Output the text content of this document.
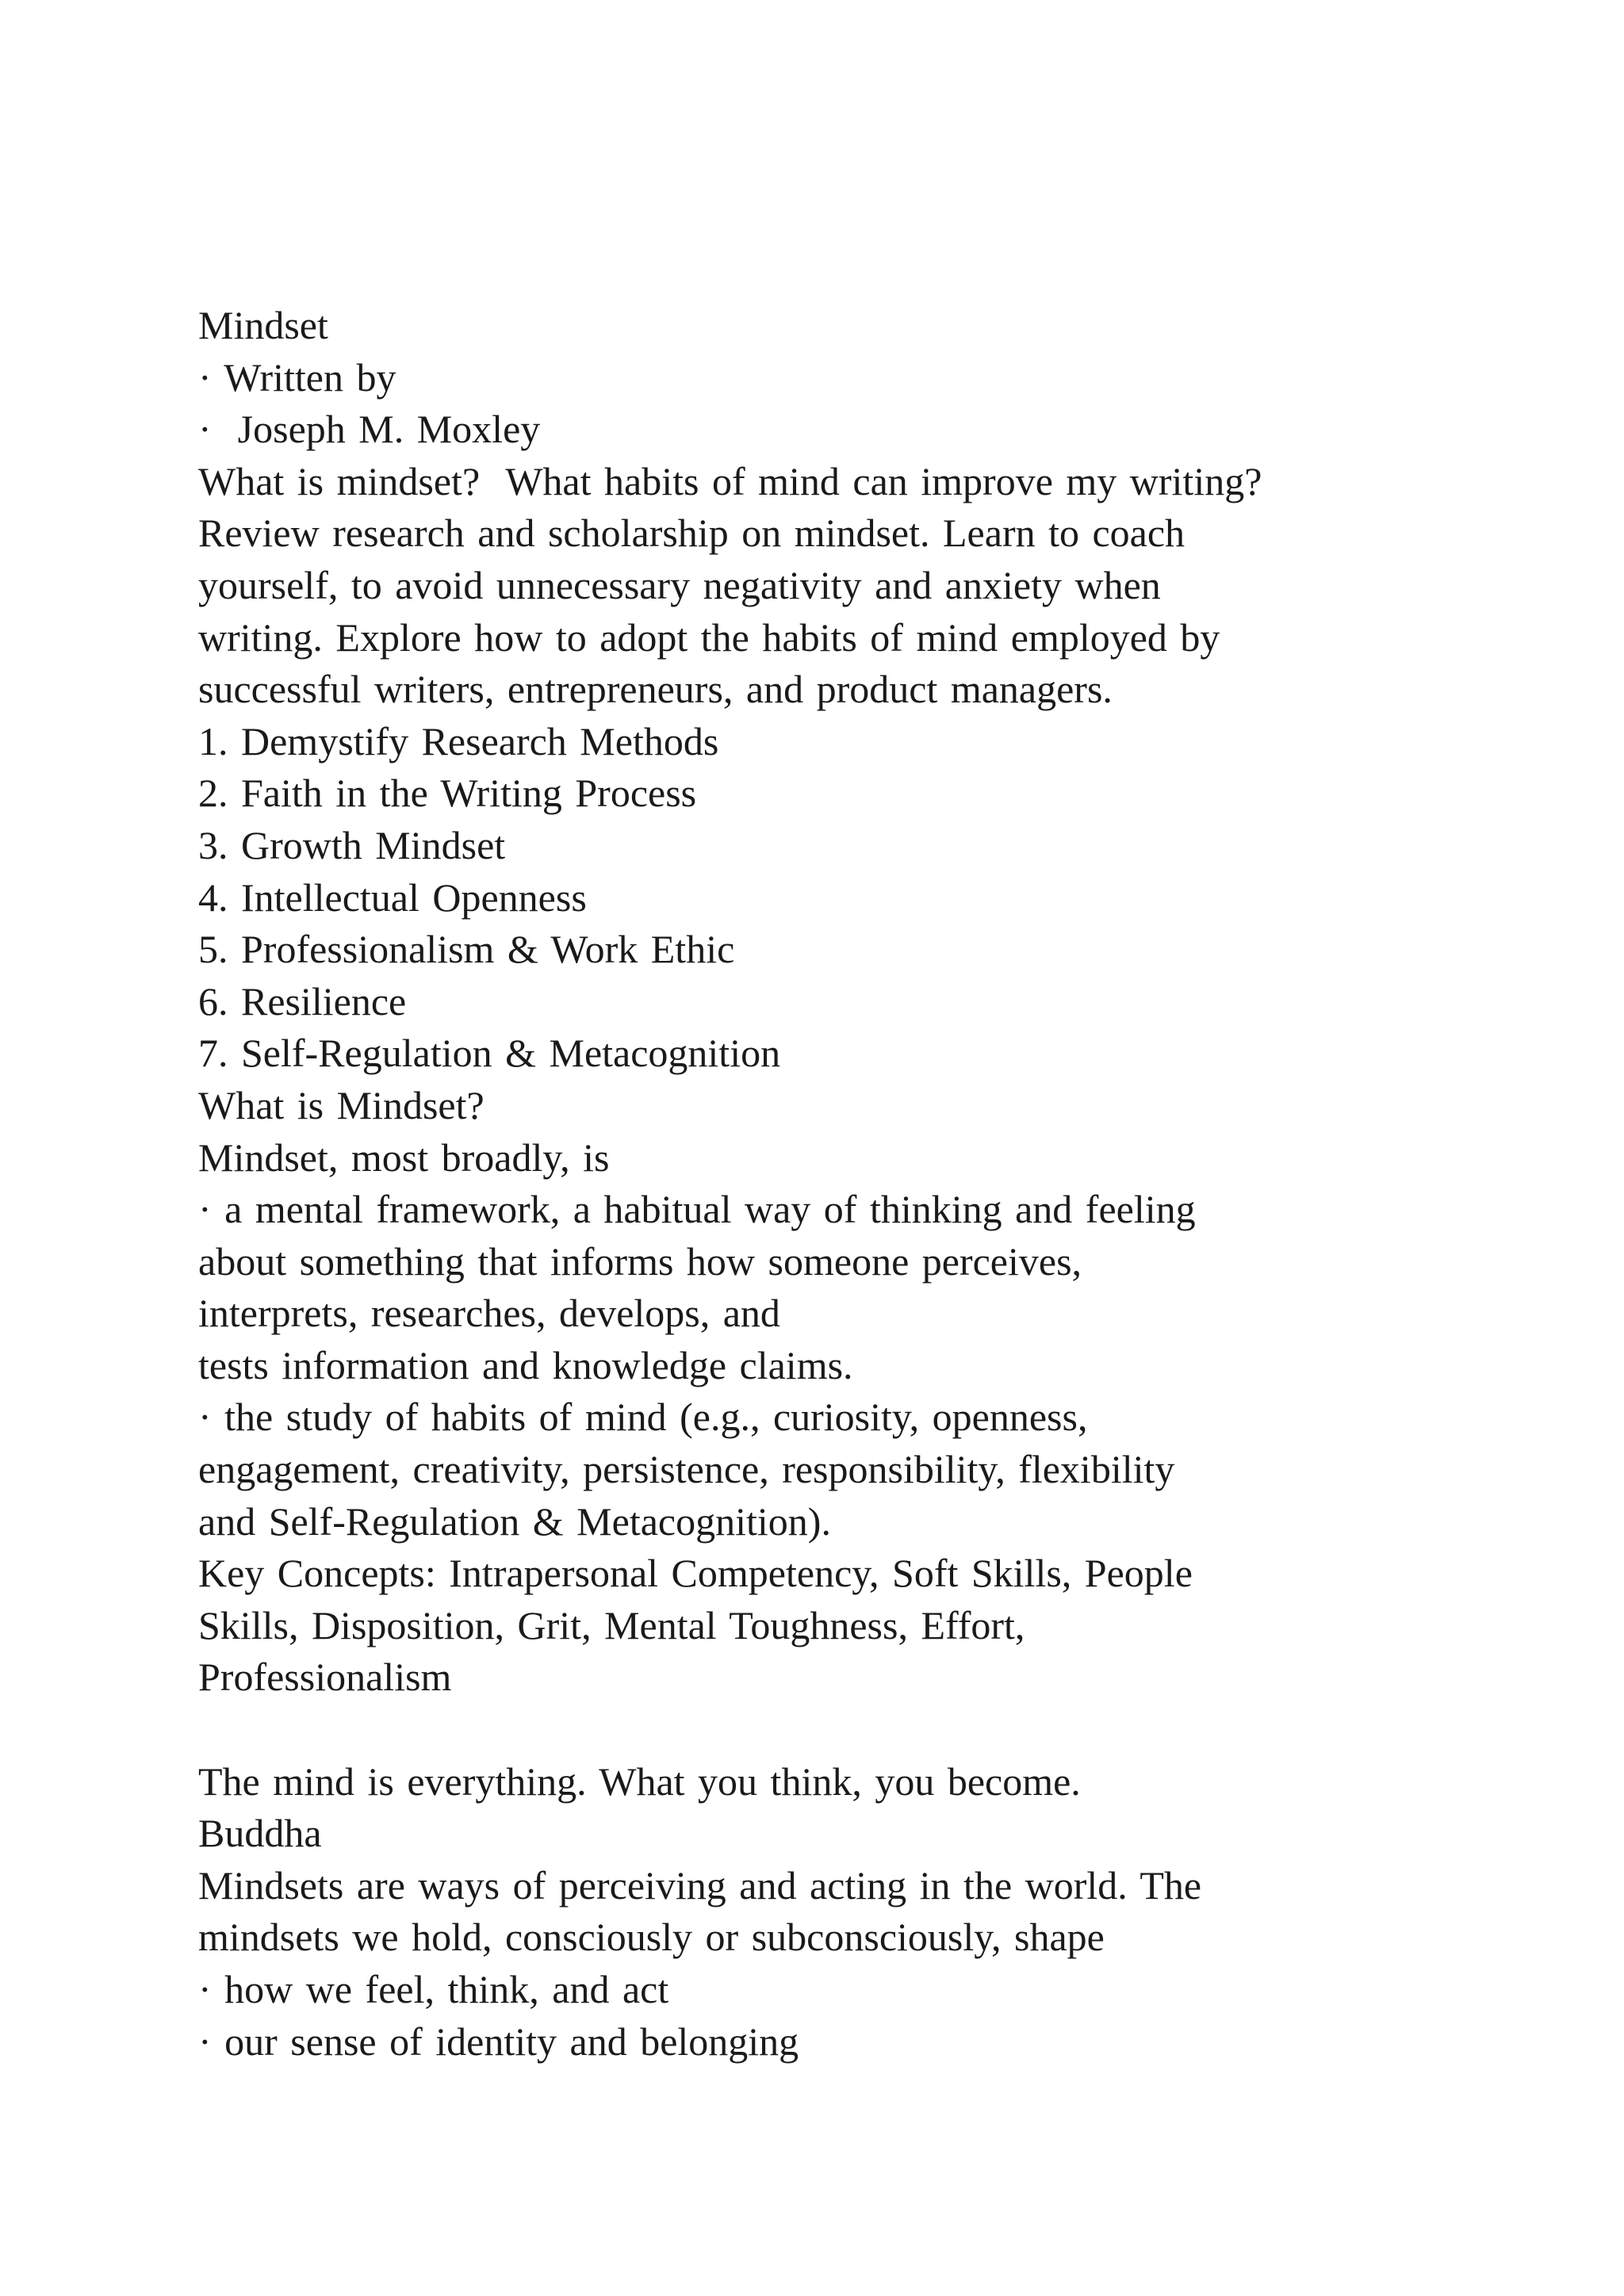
Mindset
· Written by
·  Joseph M. Moxley
What is mindset?  What habits of mind can improve my writing?
Review research and scholarship on mindset. Learn to coach
yourself, to avoid unnecessary negativity and anxiety when
writing. Explore how to adopt the habits of mind employed by
successful writers, entrepreneurs, and product managers.
1. Demystify Research Methods
2. Faith in the Writing Process
3. Growth Mindset
4. Intellectual Openness
5. Professionalism & Work Ethic
6. Resilience
7. Self-Regulation & Metacognition
What is Mindset?
Mindset, most broadly, is
· a mental framework, a habitual way of thinking and feeling
about something that informs how someone perceives,
interprets, researches, develops, and
tests information and knowledge claims.
· the study of habits of mind (e.g., curiosity, openness,
engagement, creativity, persistence, responsibility, flexibility
and Self-Regulation & Metacognition).
Key Concepts: Intrapersonal Competency, Soft Skills, People
Skills, Disposition, Grit, Mental Toughness, Effort,
Professionalism
The mind is everything. What you think, you become.
Buddha
Mindsets are ways of perceiving and acting in the world. The
mindsets we hold, consciously or subconsciously, shape
· how we feel, think, and act
· our sense of identity and belonging
